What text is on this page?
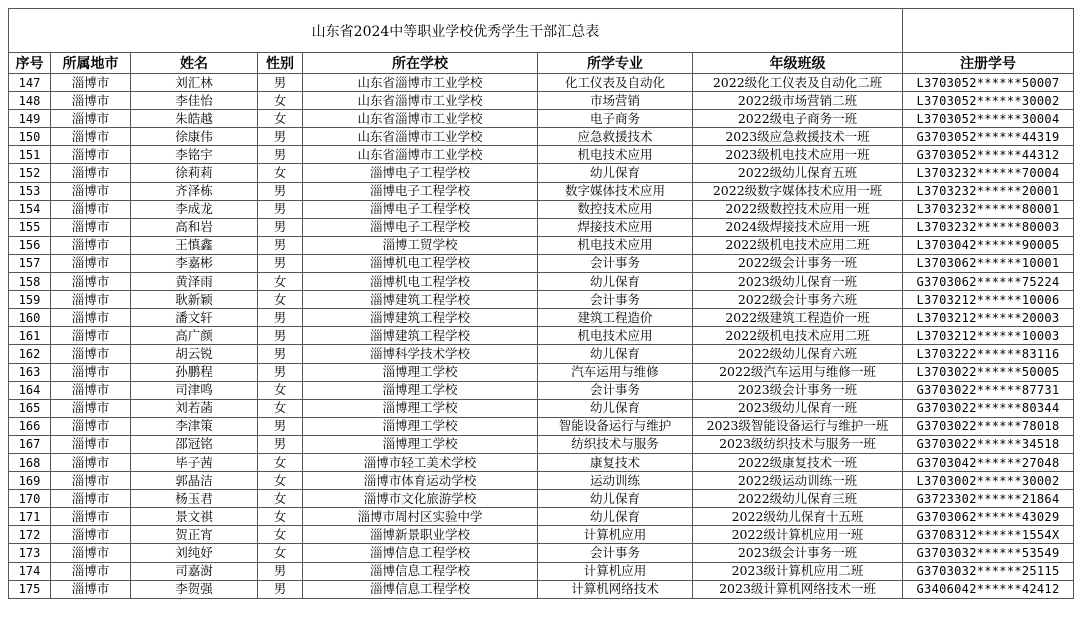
山东省2024中等职业学校优秀学生干部汇总表							
序号	所属地市	姓名	性别	所在学校	所学专业	年级班级	注册学号
147	淄博市	刘汇林	男	山东省淄博市工业学校	化工仪表及自动化	2022级化工仪表及自动化二班	L3703052******50007
148	淄博市	李佳怡	女	山东省淄博市工业学校	市场营销	2022级市场营销二班	L3703052******30002
149	淄博市	朱皓越	女	山东省淄博市工业学校	电子商务	2022级电子商务一班	L3703052******30004
150	淄博市	徐康伟	男	山东省淄博市工业学校	应急救援技术	2023级应急救援技术一班	G3703052******44319
151	淄博市	李铭宇	男	山东省淄博市工业学校	机电技术应用	2023级机电技术应用一班	G3703052******44312
152	淄博市	徐莉莉	女	淄博电子工程学校	幼儿保育	2022级幼儿保育五班	L3703232******70004
153	淄博市	齐泽栋	男	淄博电子工程学校	数字媒体技术应用	2022级数字媒体技术应用一班	L3703232******20001
154	淄博市	李成龙	男	淄博电子工程学校	数控技术应用	2022级数控技术应用一班	L3703232******80001
155	淄博市	高和岩	男	淄博电子工程学校	焊接技术应用	2024级焊接技术应用一班	L3703232******80003
156	淄博市	王慎鑫	男	淄博工贸学校	机电技术应用	2022级机电技术应用二班	L3703042******90005
157	淄博市	李嘉彬	男	淄博机电工程学校	会计事务	2022级会计事务一班	L3703062******10001
158	淄博市	黄泽雨	女	淄博机电工程学校	幼儿保育	2023级幼儿保育一班	G3703062******75224
159	淄博市	耿新颖	女	淄博建筑工程学校	会计事务	2022级会计事务六班	L3703212******10006
160	淄博市	潘文轩	男	淄博建筑工程学校	建筑工程造价	2022级建筑工程造价一班	L3703212******20003
161	淄博市	高广颜	男	淄博建筑工程学校	机电技术应用	2022级机电技术应用二班	L3703212******10003
162	淄博市	胡云锐	男	淄博科学技术学校	幼儿保育	2022级幼儿保育六班	L3703222******83116
163	淄博市	孙鹏程	男	淄博理工学校	汽车运用与维修	2022级汽车运用与维修一班	L3703022******50005
164	淄博市	司津鸣	女	淄博理工学校	会计事务	2023级会计事务一班	G3703022******87731
165	淄博市	刘若菡	女	淄博理工学校	幼儿保育	2023级幼儿保育一班	G3703022******80344
166	淄博市	李津策	男	淄博理工学校	智能设备运行与维护	2023级智能设备运行与维护一班	G3703022******78018
167	淄博市	邵冠铭	男	淄博理工学校	纺织技术与服务	2023级纺织技术与服务一班	G3703022******34518
168	淄博市	毕子茜	女	淄博市轻工美术学校	康复技术	2022级康复技术一班	G3703042******27048
169	淄博市	郭晶洁	女	淄博市体育运动学校	运动训练	2022级运动训练一班	L3703002******30002
170	淄博市	杨玉君	女	淄博市文化旅游学校	幼儿保育	2022级幼儿保育三班	G3723302******21864
171	淄博市	景文祺	女	淄博市周村区实验中学	幼儿保育	2022级幼儿保育十五班	G3703062******43029
172	淄博市	贺正宵	女	淄博新景职业学校	计算机应用	2022级计算机应用一班	G3708312******1554X
173	淄博市	刘纯妤	女	淄博信息工程学校	会计事务	2023级会计事务一班	G3703032******53549
174	淄博市	司嘉澍	男	淄博信息工程学校	计算机应用	2023级计算机应用二班	G3703032******25115
175	淄博市	李贺强	男	淄博信息工程学校	计算机网络技术	2023级计算机网络技术一班	G3406042******42412
